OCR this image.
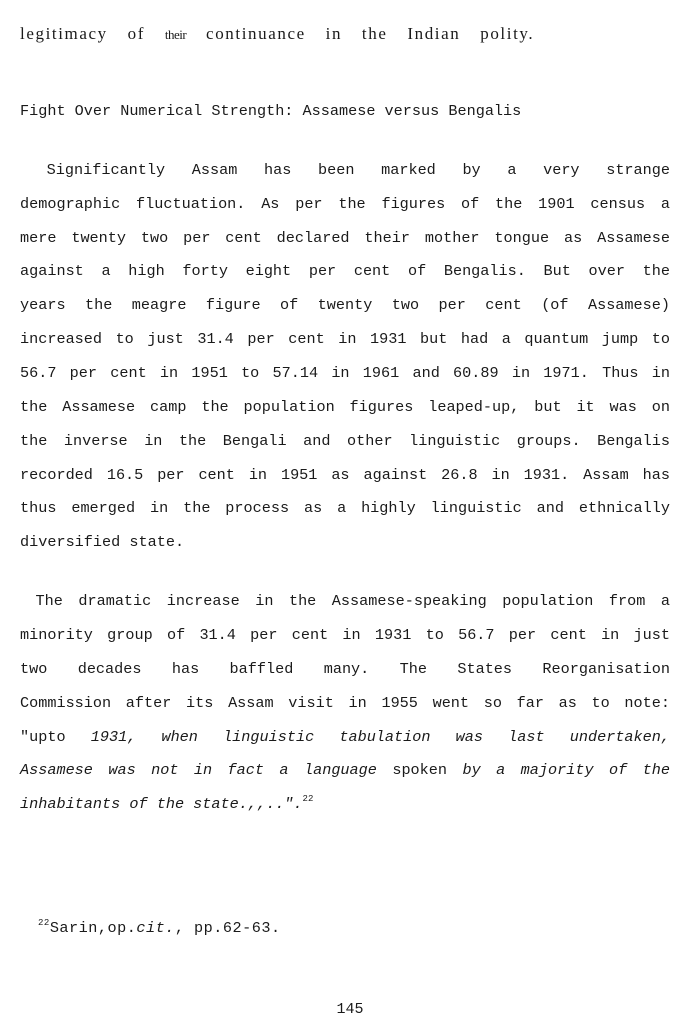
legitimacy of their continuance in the Indian polity.
Fight Over Numerical Strength: Assamese versus Bengalis
Significantly Assam has been marked by a very strange
demographic fluctuation. As per the figures of the 1901 census a
mere twenty two per cent declared their mother tongue as Assamese
against a high forty eight per cent of Bengalis. But over the
years the meagre figure of twenty two per cent (of Assamese)
increased to just 31.4 per cent in 1931 but had a quantum jump to
56.7 per cent in 1951 to 57.14 in 1961 and 60.89 in 1971. Thus in
the Assamese camp the population figures leaped-up, but it was on
the inverse in the Bengali and other linguistic groups. Bengalis
recorded 16.5 per cent in 1951 as against 26.8 in 1931. Assam has
thus emerged in the process as a highly linguistic and ethnically
diversified state.
The dramatic increase in the Assamese-speaking population from a
minority group of 31.4 per cent in 1931 to 56.7 per cent in just
two decades has baffled many. The States Reorganisation
Commission after its Assam visit in 1955 went so far as to note:
"upto 1931, when linguistic tabulation was last undertaken,
Assamese was not in fact a language spoken by a majority of the
inhabitants of the state.,,..".$^{22}$
$^{22}$Sarin,op.cit., pp.62-63.
145
